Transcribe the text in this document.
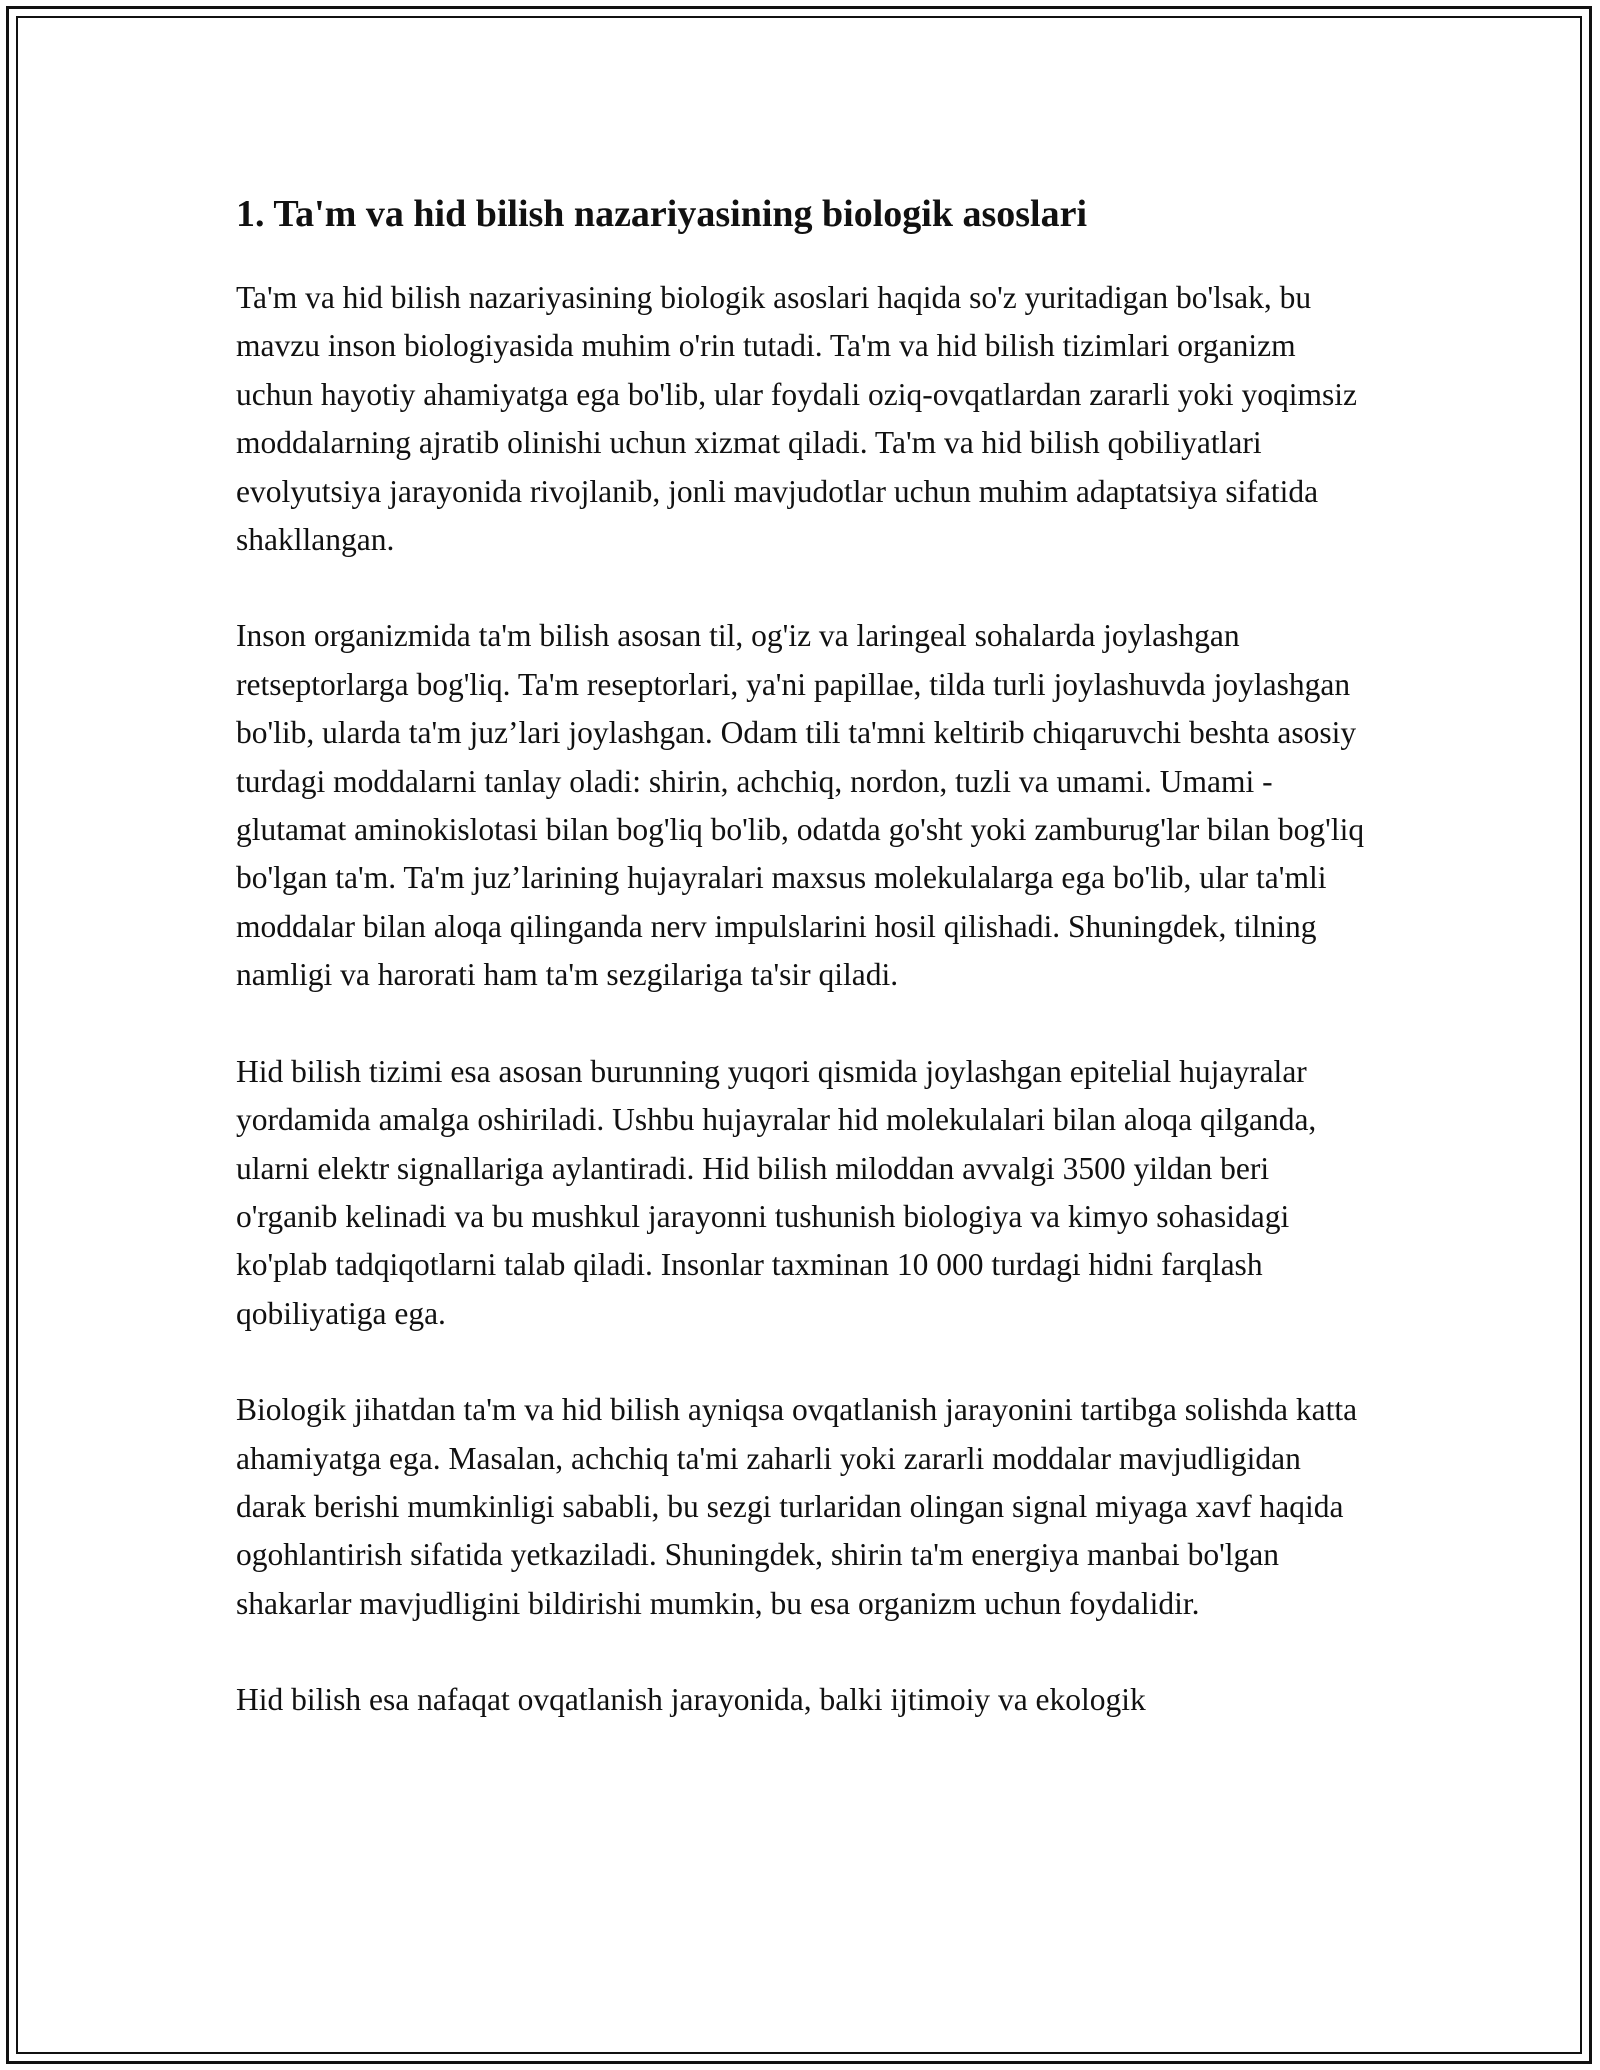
1. Ta'm va hid bilish nazariyasining biologik asoslari

Ta'm va hid bilish nazariyasining biologik asoslari haqida so'z yuritadigan bo'lsak, bu mavzu inson biologiyasida muhim o'rin tutadi. Ta'm va hid bilish tizimlari organizm uchun hayotiy ahamiyatga ega bo'lib, ular foydali oziq-ovqatlardan zararli yoki yoqimsiz moddalarning ajratib olinishi uchun xizmat qiladi. Ta'm va hid bilish qobiliyatlari evolyutsiya jarayonida rivojlanib, jonli mavjudotlar uchun muhim adaptatsiya sifatida shakllangan.

Inson organizmida ta'm bilish asosan til, og'iz va laringeal sohalarda joylashgan retseptorlarga bog'liq. Ta'm reseptorlari, ya'ni papillae, tilda turli joylashuvda joylashgan bo'lib, ularda ta'm juz’lari joylashgan. Odam tili ta'mni keltirib chiqaruvchi beshta asosiy turdagi moddalarni tanlay oladi: shirin, achchiq, nordon, tuzli va umami. Umami - glutamat aminokislotasi bilan bog'liq bo'lib, odatda go'sht yoki zamburug'lar bilan bog'liq bo'lgan ta'm. Ta'm juz’larining hujayralari maxsus molekulalarga ega bo'lib, ular ta'mli moddalar bilan aloqa qilinganda nerv impulslarini hosil qilishadi. Shuningdek, tilning namligi va harorati ham ta'm sezgilariga ta'sir qiladi.

Hid bilish tizimi esa asosan burunning yuqori qismida joylashgan epitelial hujayralar yordamida amalga oshiriladi. Ushbu hujayralar hid molekulalari bilan aloqa qilganda, ularni elektr signallariga aylantiradi. Hid bilish miloddan avvalgi 3500 yildan beri o'rganib kelinadi va bu mushkul jarayonni tushunish biologiya va kimyo sohasidagi ko'plab tadqiqotlarni talab qiladi. Insonlar taxminan 10 000 turdagi hidni farqlash qobiliyatiga ega.

Biologik jihatdan ta'm va hid bilish ayniqsa ovqatlanish jarayonini tartibga solishda katta ahamiyatga ega. Masalan, achchiq ta'mi zaharli yoki zararli moddalar mavjudligidan darak berishi mumkinligi sababli, bu sezgi turlaridan olingan signal miyaga xavf haqida ogohlantirish sifatida yetkaziladi. Shuningdek, shirin ta'm energiya manbai bo'lgan shakarlar mavjudligini bildirishi mumkin, bu esa organizm uchun foydalidir.

Hid bilish esa nafaqat ovqatlanish jarayonida, balki ijtimoiy va ekologik
